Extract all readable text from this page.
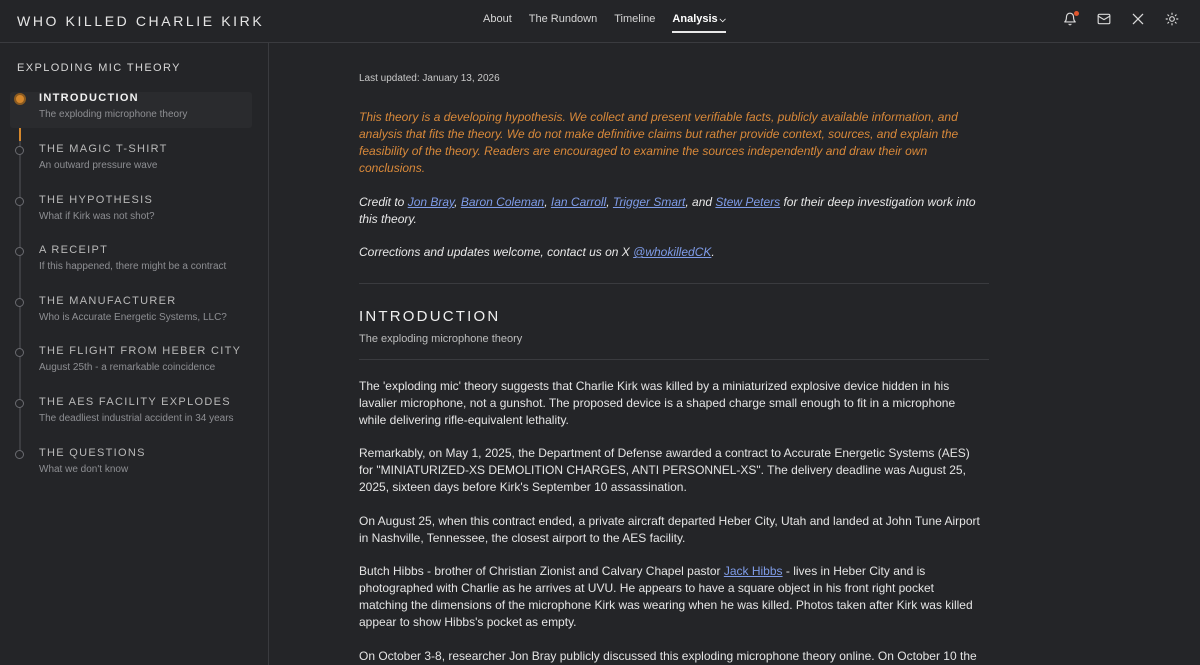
WHO KILLED CHARLIE KIRK	About The Rundown Timeline Analysis ⌵
EXPLODING MIC THEORY
INTRODUCTION
The exploding microphone theory
THE MAGIC T-SHIRT
An outward pressure wave
THE HYPOTHESIS
What if Kirk was not shot?
A RECEIPT
If this happened, there might be a contract
THE MANUFACTURER
Who is Accurate Energetic Systems, LLC?
THE FLIGHT FROM HEBER CITY
August 25th - a remarkable coincidence
THE AES FACILITY EXPLODES
The deadliest industrial accident in 34 years
THE QUESTIONS
What we don't know
Last updated: January 13, 2026
This theory is a developing hypothesis. We collect and present verifiable facts, publicly available information, and analysis that fits the theory. We do not make definitive claims but rather provide context, sources, and explain the feasibility of the theory. Readers are encouraged to examine the sources independently and draw their own conclusions.
Credit to Jon Bray, Baron Coleman, Ian Carroll, Trigger Smart, and Stew Peters for their deep investigation work into this theory.
Corrections and updates welcome, contact us on X @whokilledCK.
INTRODUCTION
The exploding microphone theory
The 'exploding mic' theory suggests that Charlie Kirk was killed by a miniaturized explosive device hidden in his lavalier microphone, not a gunshot. The proposed device is a shaped charge small enough to fit in a microphone while delivering rifle-equivalent lethality.
Remarkably, on May 1, 2025, the Department of Defense awarded a contract to Accurate Energetic Systems (AES) for "MINIATURIZED-XS DEMOLITION CHARGES, ANTI PERSONNEL-XS". The delivery deadline was August 25, 2025, sixteen days before Kirk's September 10 assassination.
On August 25, when this contract ended, a private aircraft departed Heber City, Utah and landed at John Tune Airport in Nashville, Tennessee, the closest airport to the AES facility.
Butch Hibbs - brother of Christian Zionist and Calvary Chapel pastor Jack Hibbs - lives in Heber City and is photographed with Charlie as he arrives at UVU. He appears to have a square object in his front right pocket matching the dimensions of the microphone Kirk was wearing when he was killed. Photos taken after Kirk was killed appear to show Hibbs's pocket as empty.
On October 3-8, researcher Jon Bray publicly discussed this exploding microphone theory online. On October 10 the
